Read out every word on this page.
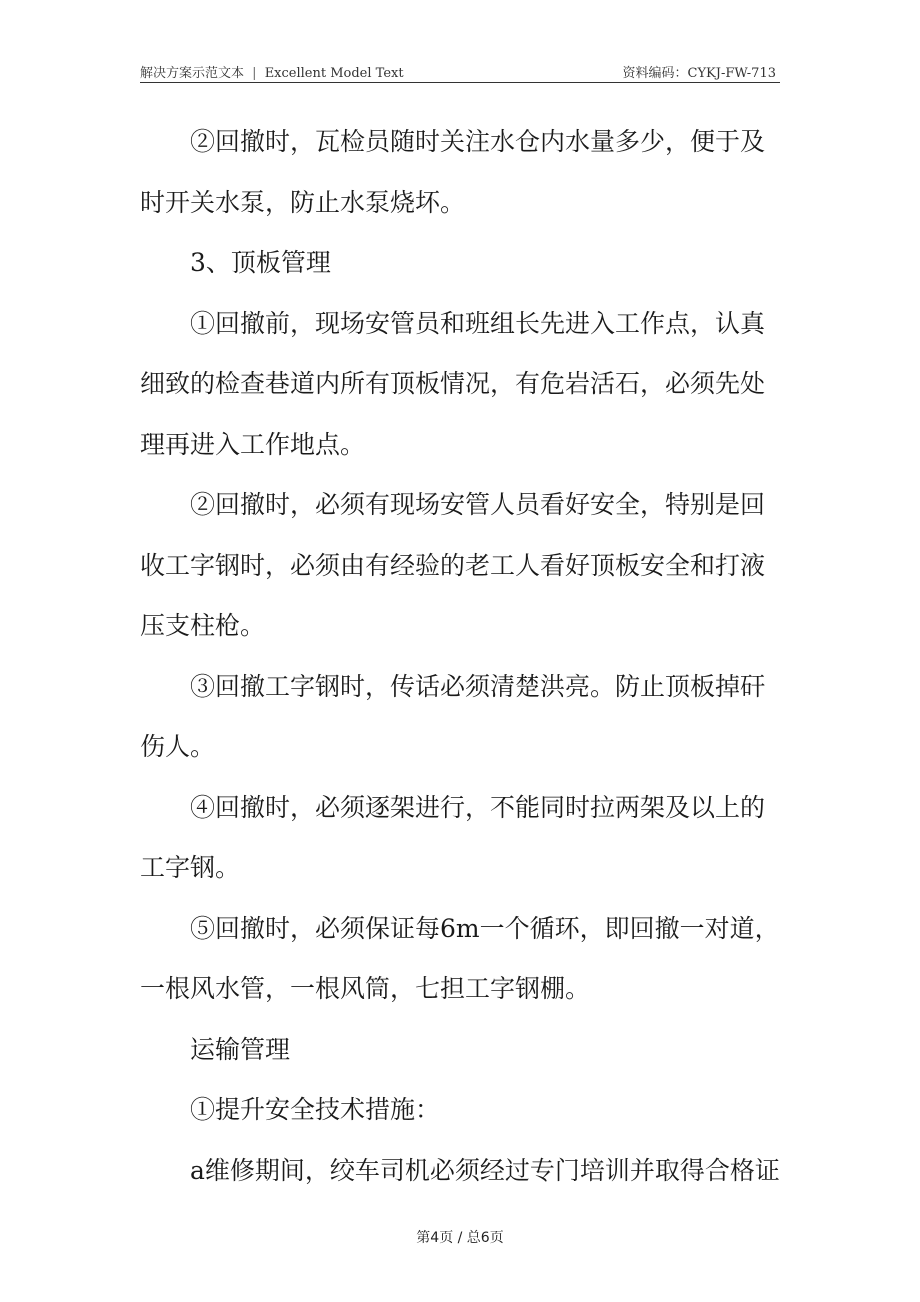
解决方案示范文本 | Excellent Model Text	资料编码：CYKJ-FW-713

②回撤时，瓦检员随时关注水仓内水量多少，便于及时开关水泵，防止水泵烧坏。

3、顶板管理

①回撤前，现场安管员和班组长先进入工作点，认真细致的检查巷道内所有顶板情况，有危岩活石，必须先处理再进入工作地点。

②回撤时，必须有现场安管人员看好安全，特别是回收工字钢时，必须由有经验的老工人看好顶板安全和打液压支柱枪。

③回撤工字钢时，传话必须清楚洪亮。防止顶板掉矸伤人。

④回撤时，必须逐架进行，不能同时拉两架及以上的工字钢。

⑤回撤时，必须保证每6m一个循环，即回撤一对道，一根风水管，一根风筒，七担工字钢棚。

运输管理

①提升安全技术措施：

a维修期间，绞车司机必须经过专门培训并取得合格证

第4页 / 总6页
